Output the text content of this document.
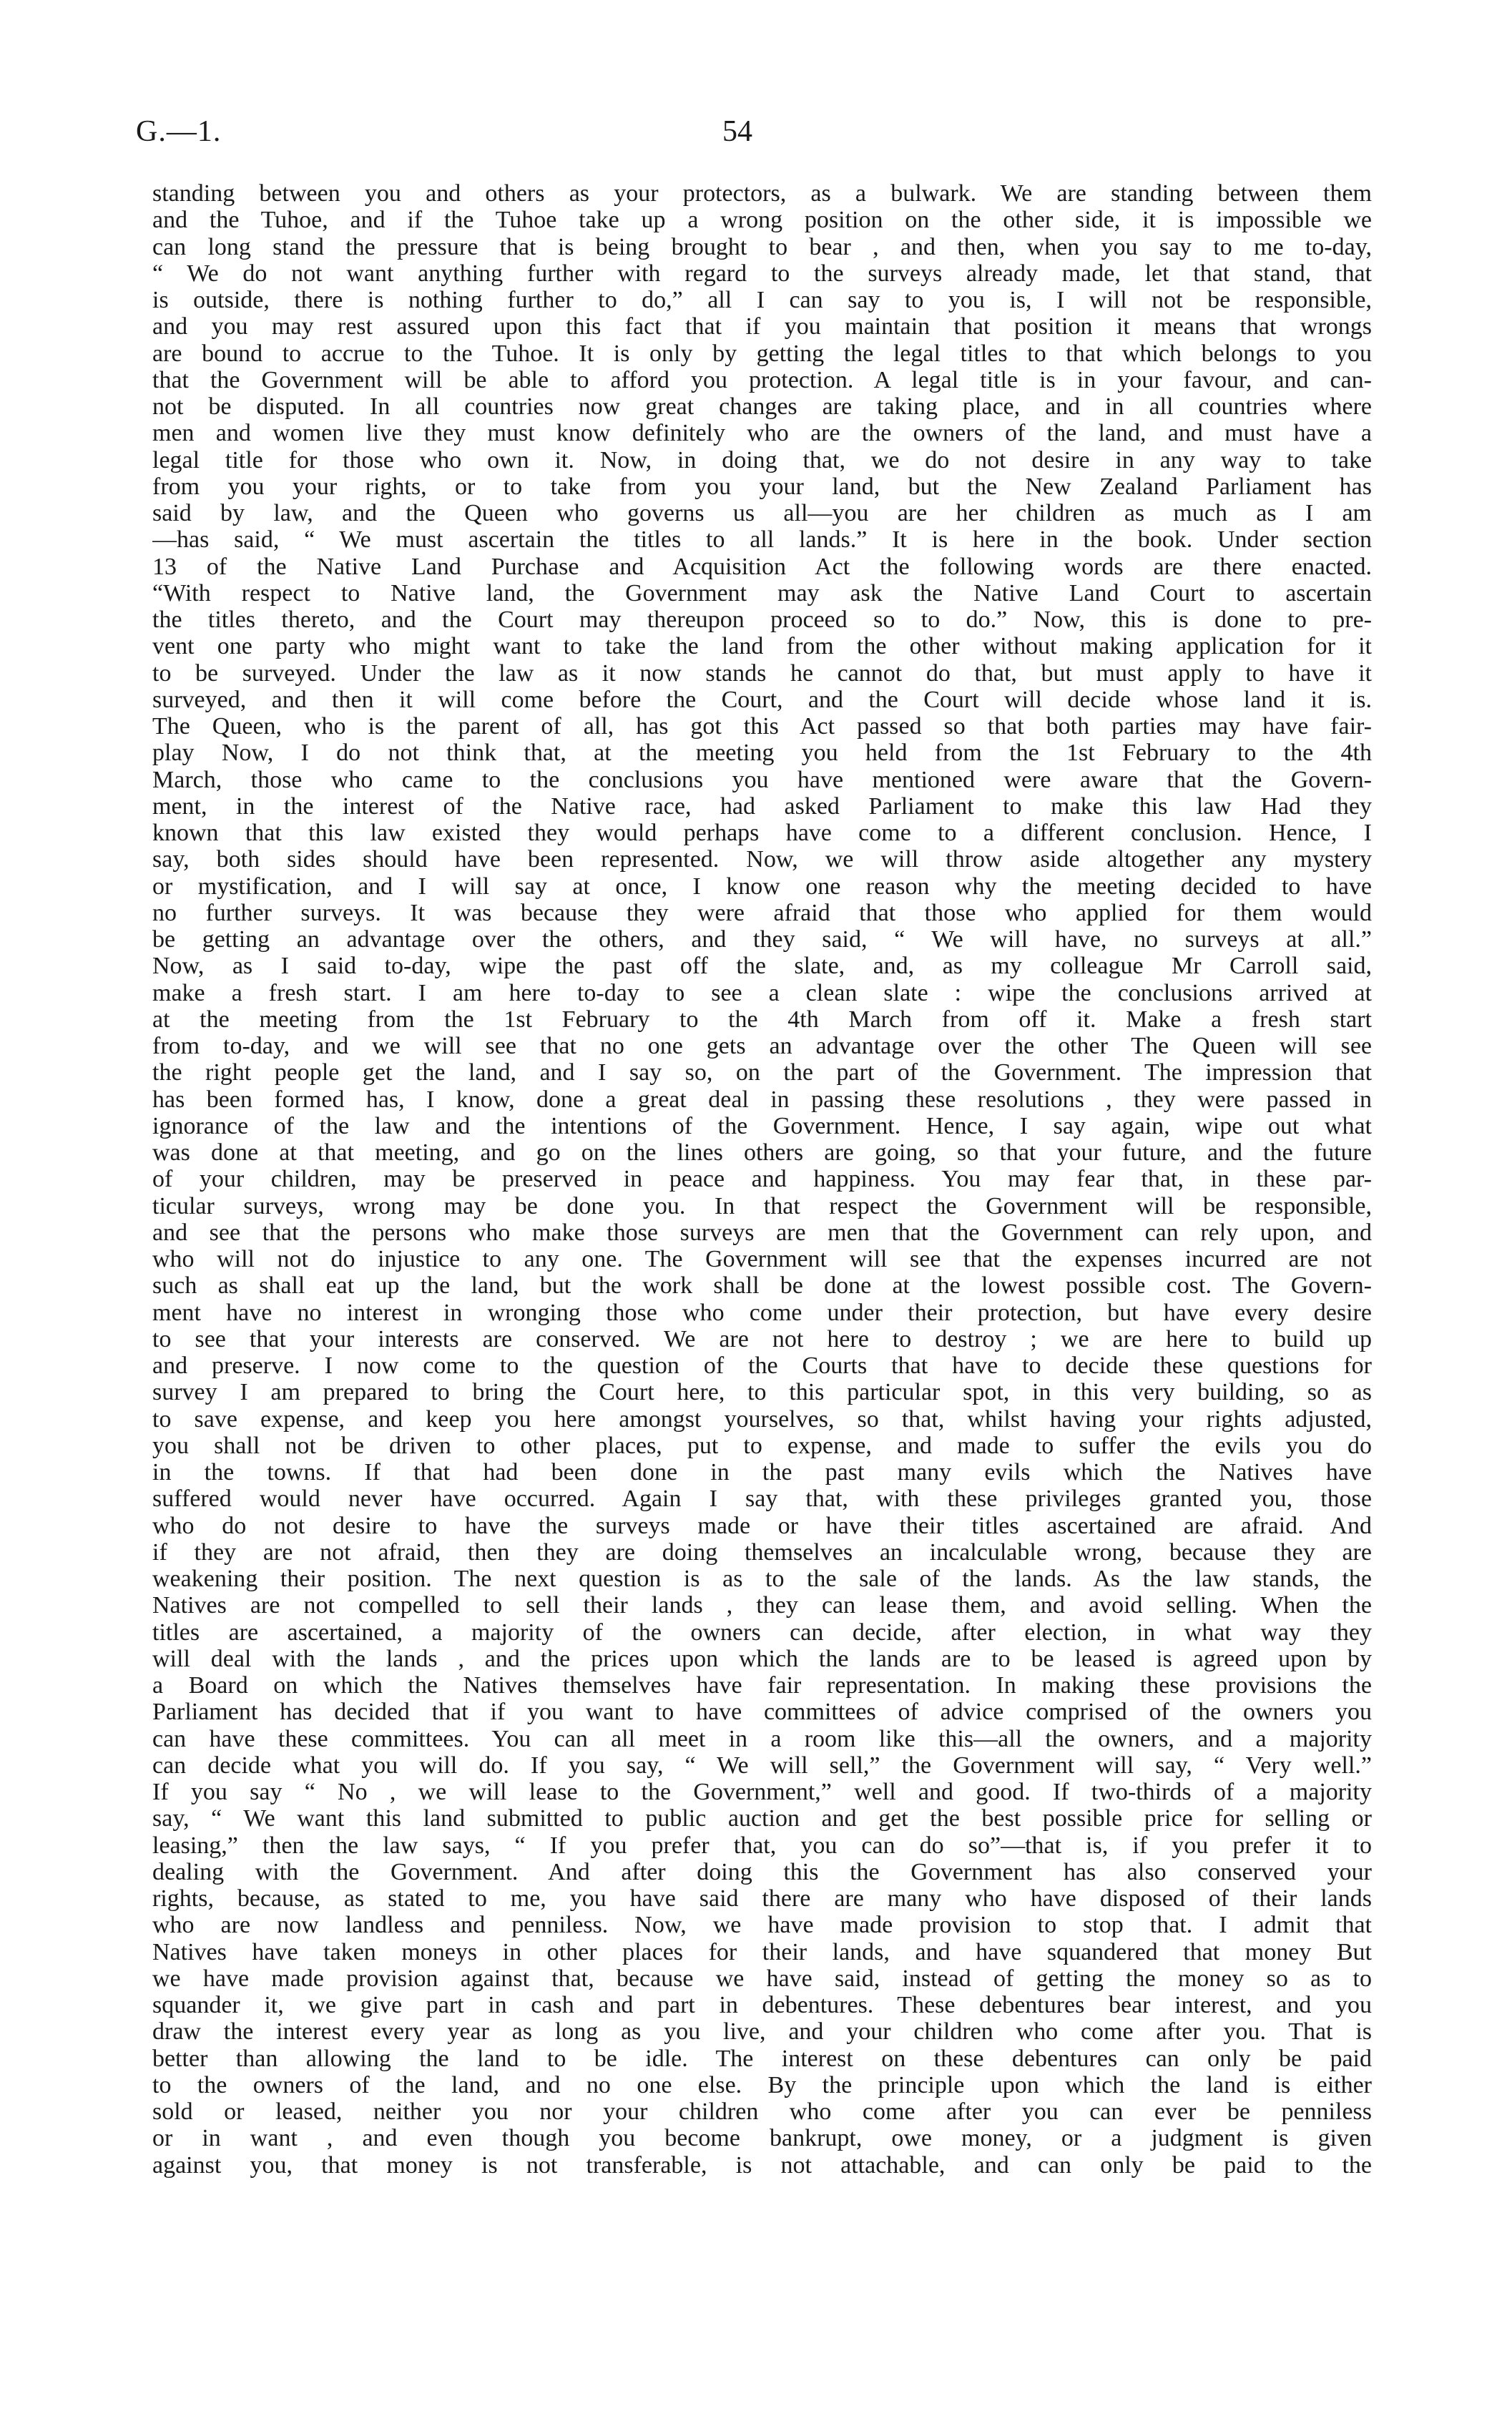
G.—1.	54
standing between you and others as your protectors, as a bulwark. We are standing between them
and the Tuhoe, and if the Tuhoe take up a wrong position on the other side, it is impossible we
can long stand the pressure that is being brought to bear , and then, when you say to me to-day,
“ We do not want anything further with regard to the surveys already made, let that stand, that
is outside, there is nothing further to do,” all I can say to you is, I will not be responsible,
and you may rest assured upon this fact that if you maintain that position it means that wrongs
are bound to accrue to the Tuhoe. It is only by getting the legal titles to that which belongs to you
that the Government will be able to afford you protection. A legal title is in your favour, and can-
not be disputed. In all countries now great changes are taking place, and in all countries where
men and women live they must know definitely who are the owners of the land, and must have a
legal title for those who own it. Now, in doing that, we do not desire in any way to take
from you your rights, or to take from you your land, but the New Zealand Parliament has
said by law, and the Queen who governs us all—you are her children as much as I am
—has said, “ We must ascertain the titles to all lands.” It is here in the book. Under section
13 of the Native Land Purchase and Acquisition Act the following words are there enacted.
“With respect to Native land, the Government may ask the Native Land Court to ascertain
the titles thereto, and the Court may thereupon proceed so to do.” Now, this is done to pre-
vent one party who might want to take the land from the other without making application for it
to be surveyed. Under the law as it now stands he cannot do that, but must apply to have it
surveyed, and then it will come before the Court, and the Court will decide whose land it is.
The Queen, who is the parent of all, has got this Act passed so that both parties may have fair-
play Now, I do not think that, at the meeting you held from the 1st February to the 4th
March, those who came to the conclusions you have mentioned were aware that the Govern-
ment, in the interest of the Native race, had asked Parliament to make this law Had they
known that this law existed they would perhaps have come to a different conclusion. Hence, I
say, both sides should have been represented. Now, we will throw aside altogether any mystery
or mystification, and I will say at once, I know one reason why the meeting decided to have
no further surveys. It was because they were afraid that those who applied for them would
be getting an advantage over the others, and they said, “ We will have, no surveys at all.”
Now, as I said to-day, wipe the past off the slate, and, as my colleague Mr Carroll said,
make a fresh start. I am here to-day to see a clean slate : wipe the conclusions arrived at
at the meeting from the 1st February to the 4th March from off it. Make a fresh start
from to-day, and we will see that no one gets an advantage over the other The Queen will see
the right people get the land, and I say so, on the part of the Government. The impression that
has been formed has, I know, done a great deal in passing these resolutions , they were passed in
ignorance of the law and the intentions of the Government. Hence, I say again, wipe out what
was done at that meeting, and go on the lines others are going, so that your future, and the future
of your children, may be preserved in peace and happiness. You may fear that, in these par-
ticular surveys, wrong may be done you. In that respect the Government will be responsible,
and see that the persons who make those surveys are men that the Government can rely upon, and
who will not do injustice to any one. The Government will see that the expenses incurred are not
such as shall eat up the land, but the work shall be done at the lowest possible cost. The Govern-
ment have no interest in wronging those who come under their protection, but have every desire
to see that your interests are conserved. We are not here to destroy ; we are here to build up
and preserve. I now come to the question of the Courts that have to decide these questions for
survey I am prepared to bring the Court here, to this particular spot, in this very building, so as
to save expense, and keep you here amongst yourselves, so that, whilst having your rights adjusted,
you shall not be driven to other places, put to expense, and made to suffer the evils you do
in the towns. If that had been done in the past many evils which the Natives have
suffered would never have occurred. Again I say that, with these privileges granted you, those
who do not desire to have the surveys made or have their titles ascertained are afraid. And
if they are not afraid, then they are doing themselves an incalculable wrong, because they are
weakening their position. The next question is as to the sale of the lands. As the law stands, the
Natives are not compelled to sell their lands , they can lease them, and avoid selling. When the
titles are ascertained, a majority of the owners can decide, after election, in what way they
will deal with the lands , and the prices upon which the lands are to be leased is agreed upon by
a Board on which the Natives themselves have fair representation. In making these provisions the
Parliament has decided that if you want to have committees of advice comprised of the owners you
can have these committees. You can all meet in a room like this—all the owners, and a majority
can decide what you will do. If you say, “ We will sell,” the Government will say, “ Very well.”
If you say “ No , we will lease to the Government,” well and good. If two-thirds of a majority
say, “ We want this land submitted to public auction and get the best possible price for selling or
leasing,” then the law says, “ If you prefer that, you can do so”—that is, if you prefer it to
dealing with the Government. And after doing this the Government has also conserved your
rights, because, as stated to me, you have said there are many who have disposed of their lands
who are now landless and penniless. Now, we have made provision to stop that. I admit that
Natives have taken moneys in other places for their lands, and have squandered that money But
we have made provision against that, because we have said, instead of getting the money so as to
squander it, we give part in cash and part in debentures. These debentures bear interest, and you
draw the interest every year as long as you live, and your children who come after you. That is
better than allowing the land to be idle. The interest on these debentures can only be paid
to the owners of the land, and no one else. By the principle upon which the land is either
sold or leased, neither you nor your children who come after you can ever be penniless
or in want , and even though you become bankrupt, owe money, or a judgment is given
against you, that money is not transferable, is not attachable, and can only be paid to the
